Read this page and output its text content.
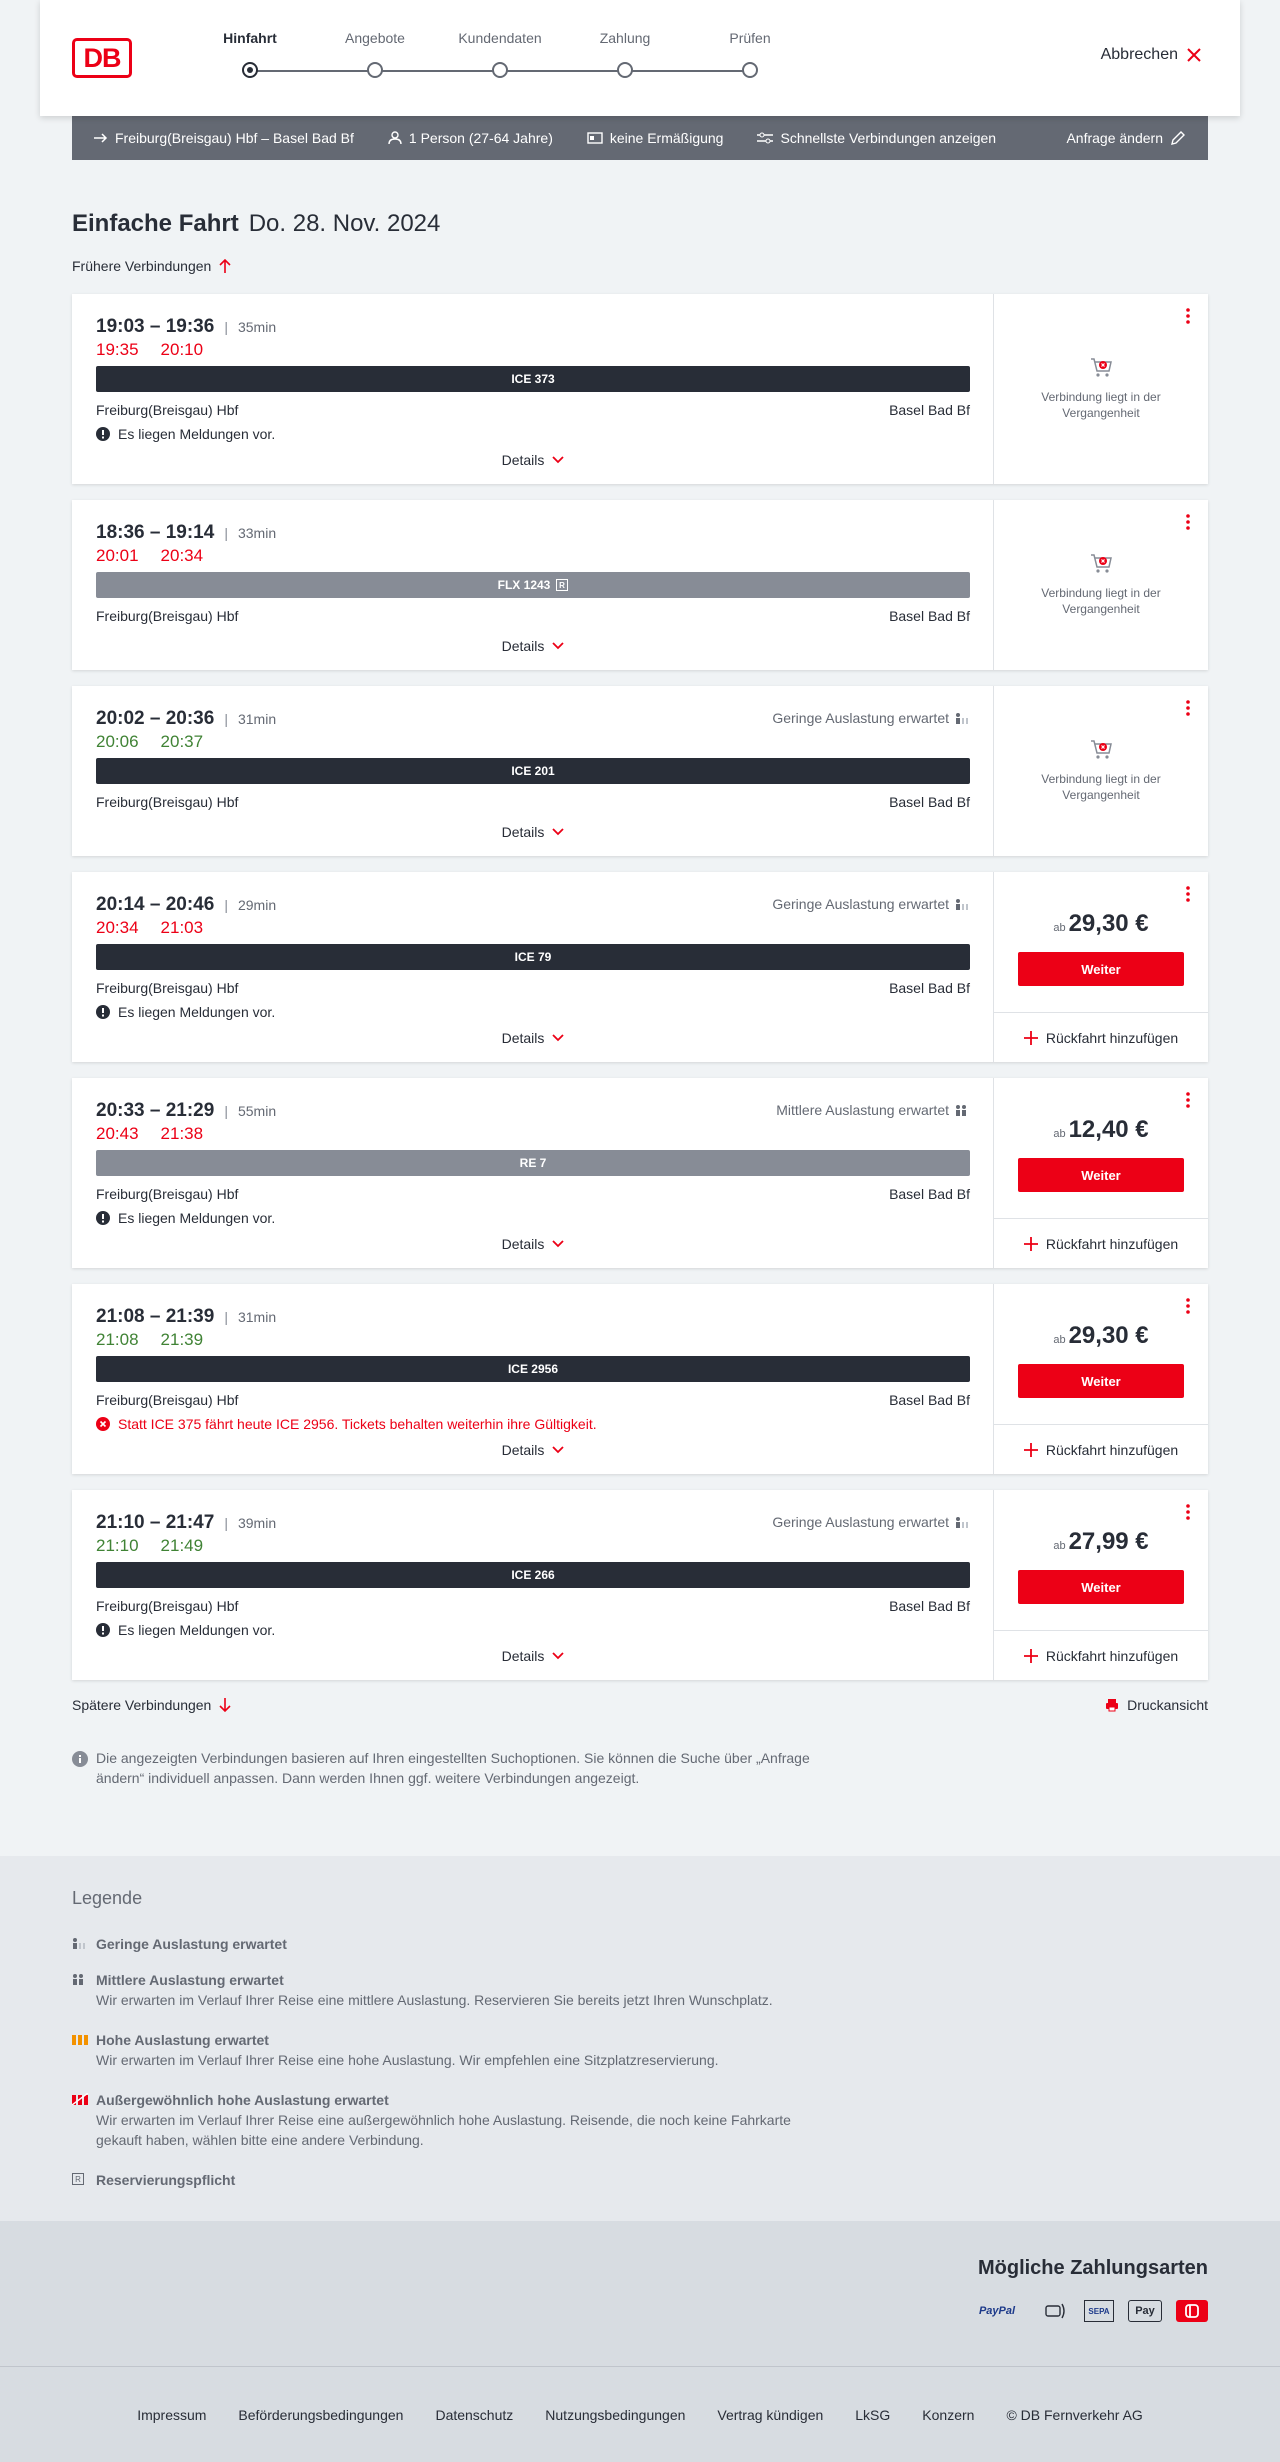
DB
Hinfahrt	Angebote	Kundendaten	Zahlung	Prüfen
Abbrechen
Freiburg(Breisgau) Hbf – Basel Bad Bf	1 Person (27-64 Jahre)	keine Ermäßigung	Schnellste Verbindungen anzeigen	Anfrage ändern
Einfache Fahrt Do. 28. Nov. 2024
Frühere Verbindungen
19:03 – 19:36 | 35min
19:35 20:10
ICE 373
Freiburg(Breisgau) Hbf	Basel Bad Bf
Es liegen Meldungen vor.
Details
Verbindung liegt in der Vergangenheit
18:36 – 19:14 | 33min
20:01 20:34
FLX 1243 R
Freiburg(Breisgau) Hbf	Basel Bad Bf
Details
Verbindung liegt in der Vergangenheit
20:02 – 20:36 | 31min
20:06 20:37
Geringe Auslastung erwartet
ICE 201
Freiburg(Breisgau) Hbf	Basel Bad Bf
Details
Verbindung liegt in der Vergangenheit
20:14 – 20:46 | 29min
20:34 21:03
Geringe Auslastung erwartet
ICE 79
Freiburg(Breisgau) Hbf	Basel Bad Bf
Es liegen Meldungen vor.
Details
ab 29,30 €
Weiter
Rückfahrt hinzufügen
20:33 – 21:29 | 55min
20:43 21:38
Mittlere Auslastung erwartet
RE 7
Freiburg(Breisgau) Hbf	Basel Bad Bf
Es liegen Meldungen vor.
Details
ab 12,40 €
Weiter
Rückfahrt hinzufügen
21:08 – 21:39 | 31min
21:08 21:39
ICE 2956
Freiburg(Breisgau) Hbf	Basel Bad Bf
Statt ICE 375 fährt heute ICE 2956. Tickets behalten weiterhin ihre Gültigkeit.
Details
ab 29,30 €
Weiter
Rückfahrt hinzufügen
21:10 – 21:47 | 39min
21:10 21:49
Geringe Auslastung erwartet
ICE 266
Freiburg(Breisgau) Hbf	Basel Bad Bf
Es liegen Meldungen vor.
Details
ab 27,99 €
Weiter
Rückfahrt hinzufügen
Spätere Verbindungen	Druckansicht
Die angezeigten Verbindungen basieren auf Ihren eingestellten Suchoptionen. Sie können die Suche über „Anfrage ändern“ individuell anpassen. Dann werden Ihnen ggf. weitere Verbindungen angezeigt.
Legende
Geringe Auslastung erwartet
Mittlere Auslastung erwartet
Wir erwarten im Verlauf Ihrer Reise eine mittlere Auslastung. Reservieren Sie bereits jetzt Ihren Wunschplatz.
Hohe Auslastung erwartet
Wir erwarten im Verlauf Ihrer Reise eine hohe Auslastung. Wir empfehlen eine Sitzplatzreservierung.
Außergewöhnlich hohe Auslastung erwartet
Wir erwarten im Verlauf Ihrer Reise eine außergewöhnlich hohe Auslastung. Reisende, die noch keine Fahrkarte gekauft haben, wählen bitte eine andere Verbindung.
R Reservierungspflicht
Mögliche Zahlungsarten
PayPal	SEPA	Pay
Impressum Beförderungsbedingungen Datenschutz Nutzungsbedingungen Vertrag kündigen LkSG Konzern © DB Fernverkehr AG
